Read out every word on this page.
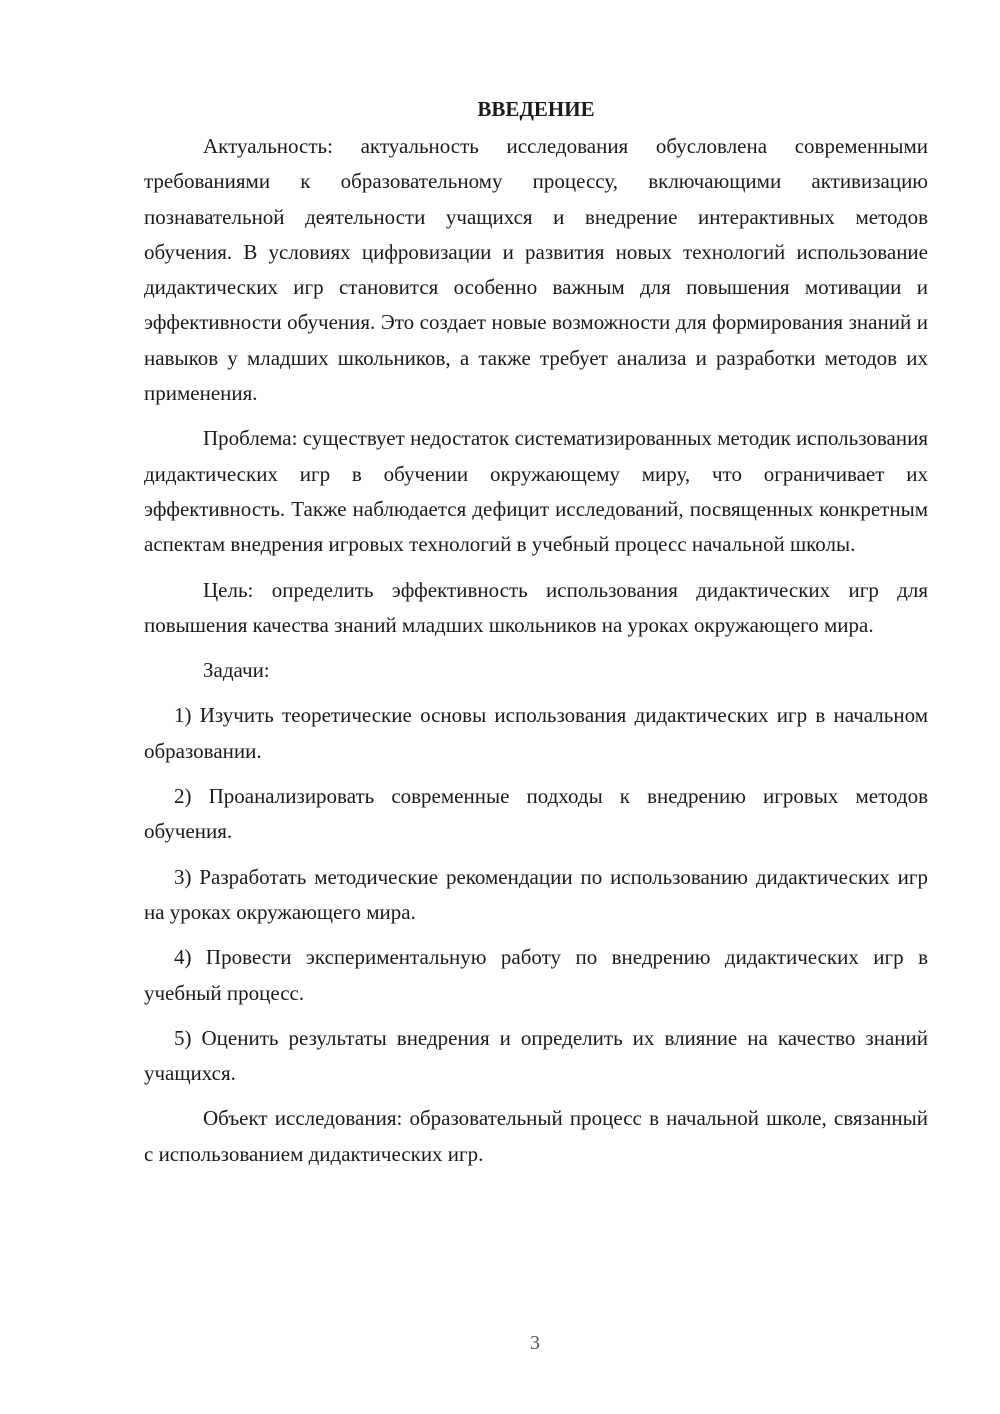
ВВЕДЕНИЕ

Актуальность: актуальность исследования обусловлена современными требованиями к образовательному процессу, включающими активизацию познавательной деятельности учащихся и внедрение интерактивных методов обучения. В условиях цифровизации и развития новых технологий использование дидактических игр становится особенно важным для повышения мотивации и эффективности обучения. Это создает новые возможности для формирования знаний и навыков у младших школьников, а также требует анализа и разработки методов их применения.

Проблема: существует недостаток систематизированных методик использования дидактических игр в обучении окружающему миру, что ограничивает их эффективность. Также наблюдается дефицит исследований, посвященных конкретным аспектам внедрения игровых технологий в учебный процесс начальной школы.

Цель: определить эффективность использования дидактических игр для повышения качества знаний младших школьников на уроках окружающего мира.

Задачи:

1) Изучить теоретические основы использования дидактических игр в начальном образовании.

2) Проанализировать современные подходы к внедрению игровых методов обучения.

3) Разработать методические рекомендации по использованию дидактических игр на уроках окружающего мира.

4) Провести экспериментальную работу по внедрению дидактических игр в учебный процесс.

5) Оценить результаты внедрения и определить их влияние на качество знаний учащихся.

Объект исследования: образовательный процесс в начальной школе, связанный с использованием дидактических игр.

3
